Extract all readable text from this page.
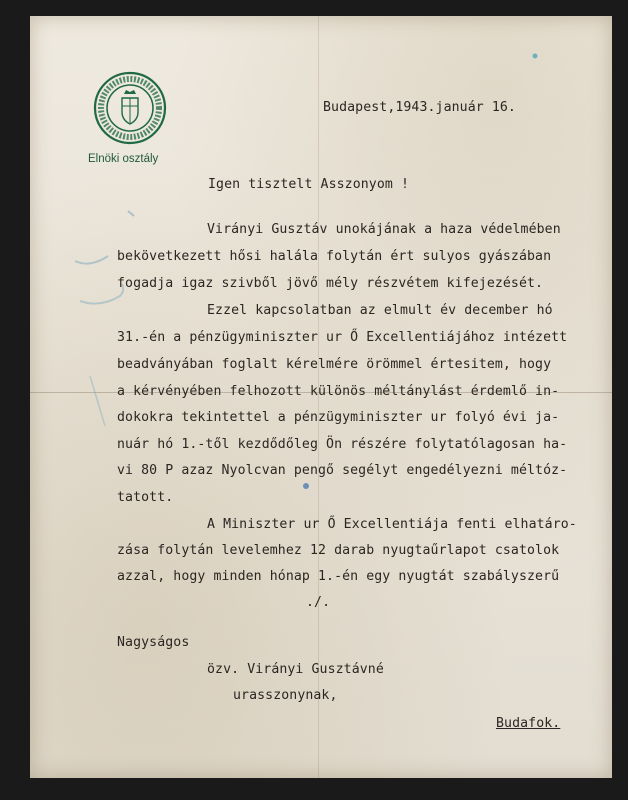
Elnöki osztály
Budapest,1943.január 16.
Igen tisztelt Asszonyom !
Virányi Gusztáv unokájának a haza védelmében
bekövetkezett hősi halála folytán ért sulyos gyászában
fogadja igaz szivből jövő mély részvétem kifejezését.
Ezzel kapcsolatban az elmult év december hó
31.-én a pénzügyminiszter ur Ő Excellentiájához intézett
beadványában foglalt kérelmére örömmel értesitem, hogy
a kérvényében felhozott különös méltánylást érdemlő in-
dokokra tekintettel a pénzügyminiszter ur folyó évi ja-
nuár hó 1.-től kezdődőleg Ön részére folytatólagosan ha-
vi 80 P azaz Nyolcvan pengő segélyt engedélyezni méltóz-
tatott.
A Miniszter ur Ő Excellentiája fenti elhatáro-
zása folytán levelemhez 12 darab nyugtaűrlapot csatolok
azzal, hogy minden hónap 1.-én egy nyugtát szabályszerű
./.
Nagyságos
özv. Virányi Gusztávné
urasszonynak,
Budafok.
